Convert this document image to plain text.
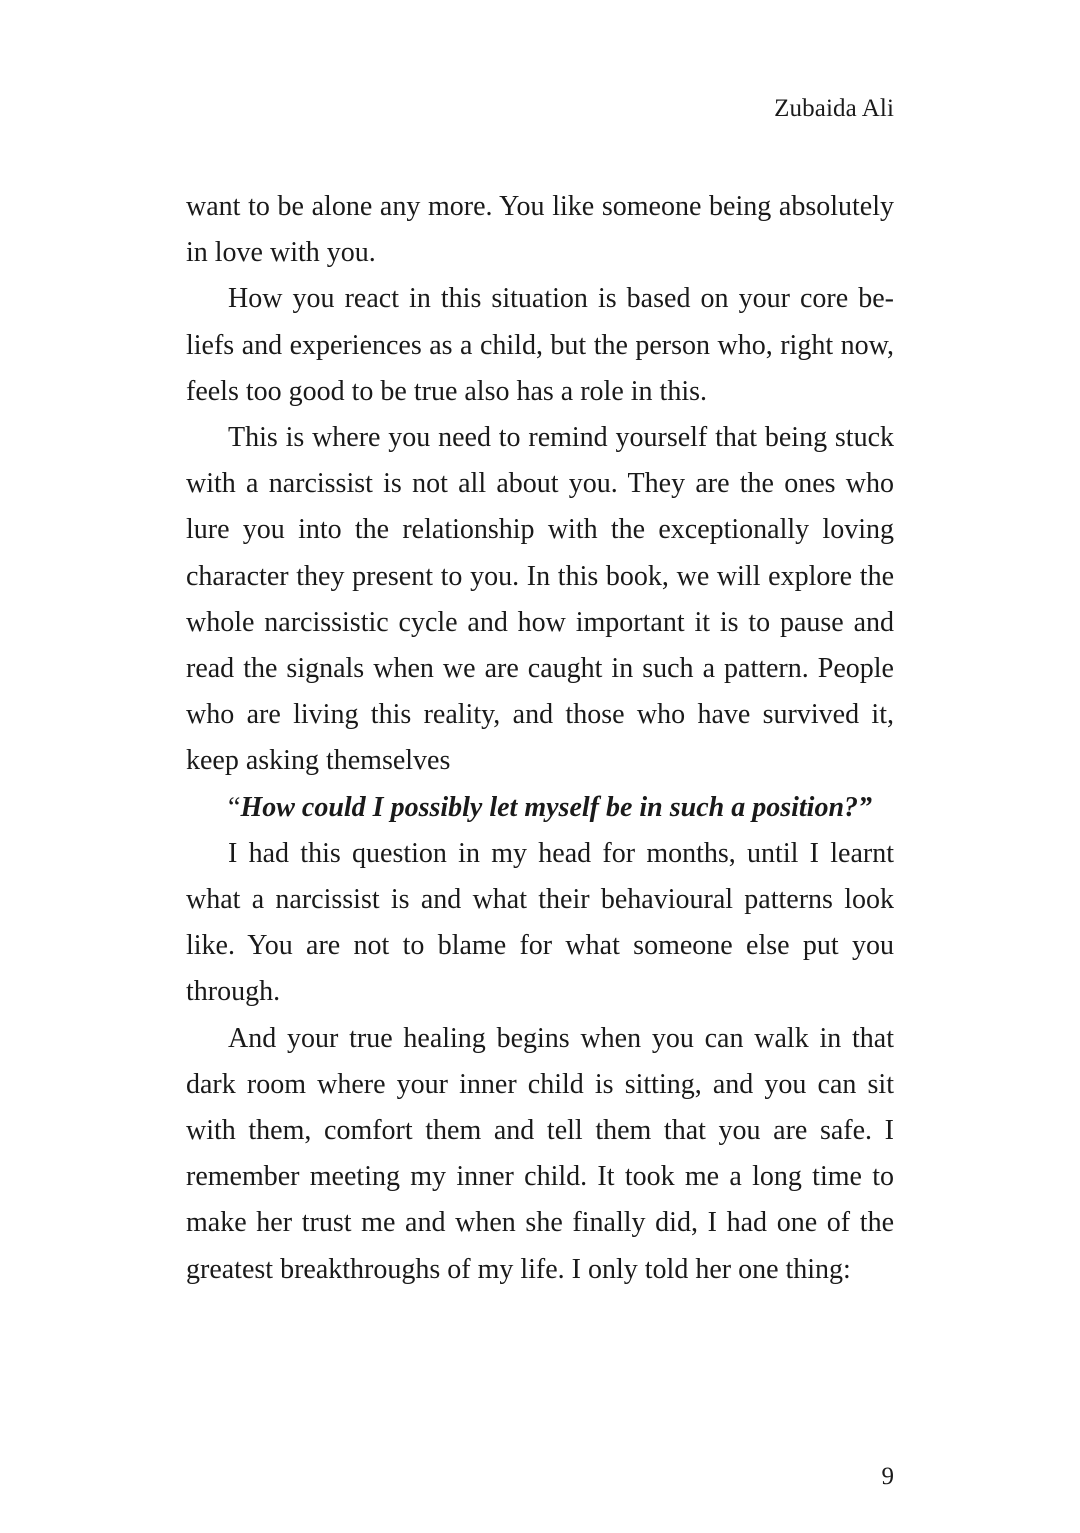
Zubaida Ali

want to be alone any more. You like someone being absolutely in love with you.

How you react in this situation is based on your core beliefs and experiences as a child, but the person who, right now, feels too good to be true also has a role in this.

This is where you need to remind yourself that being stuck with a narcissist is not all about you. They are the ones who lure you into the relationship with the exceptionally loving character they present to you. In this book, we will explore the whole narcissistic cycle and how important it is to pause and read the signals when we are caught in such a pattern. People who are living this reality, and those who have survived it, keep asking themselves

“How could I possibly let myself be in such a position?”

I had this question in my head for months, until I learnt what a narcissist is and what their behavioural patterns look like. You are not to blame for what someone else put you through.

And your true healing begins when you can walk in that dark room where your inner child is sitting, and you can sit with them, comfort them and tell them that you are safe. I remember meeting my inner child. It took me a long time to make her trust me and when she finally did, I had one of the greatest breakthroughs of my life. I only told her one thing:

9
